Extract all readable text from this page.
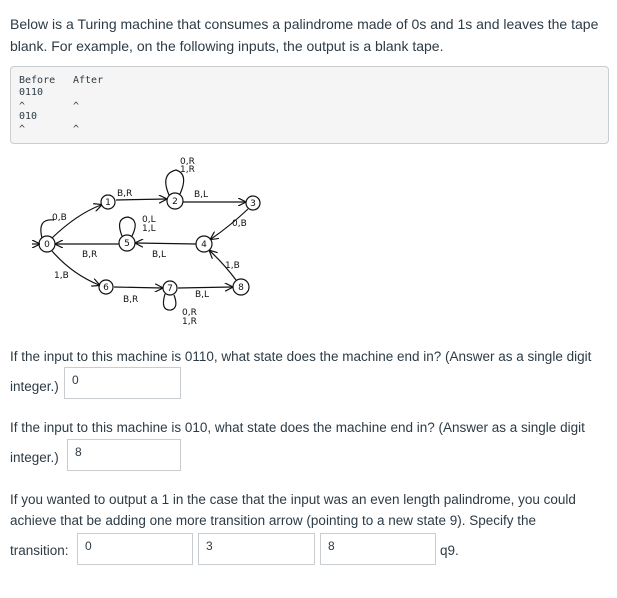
Below is a Turing machine that consumes a palindrome made of 0s and 1s and leaves the tape
blank. For example, on the following inputs, the output is a blank tape.
Before After
0110
^	^
010
^	^
0,R
1,R
B,R	B,L
0,B
0,B	0,L
1,L
B,L
B,R
1,B
1,B
B,R	B,L
0,R
1,R
0
1	2	3
4
5
6	7	8
If the input to this machine is 0110, what state does the machine end in? (Answer as a single digit
integer.)	0
If the input to this machine is 010, what state does the machine end in? (Answer as a single digit
integer.)	8
If you wanted to output a 1 in the case that the input was an even length palindrome, you could
achieve that be adding one more transition arrow (pointing to a new state 9). Specify the
transition:	0	3	8	q9.
